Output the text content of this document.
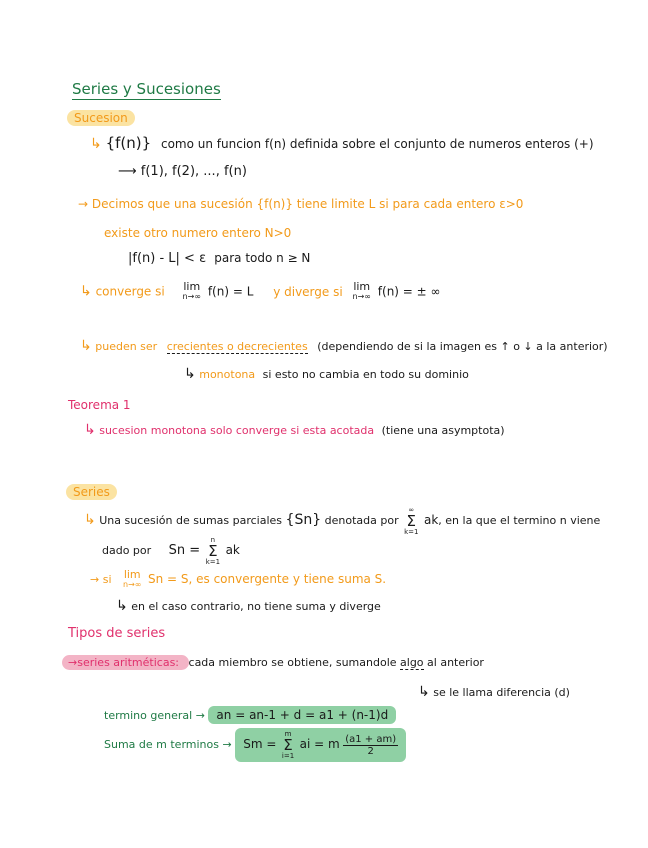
Series y Sucesiones
Sucesion
↳ {f(n)} como un funcion f(n) definida sobre el conjunto de numeros enteros (+)
⟶ f(1), f(2), ..., f(n)
→ Decimos que una sucesión {f(n)} tiene limite L si para cada entero ε>0
existe otro numero entero N>0
|f(n) - L| < ε para todo n ≥ N
↳ converge si lim
n→∞ f(n) = L y diverge si lim
n→∞ f(n) = ± ∞
↳ pueden ser crecientes o decrecientes (dependiendo de si la imagen es ↑ o ↓ a la anterior)
↳ monotona si esto no cambia en todo su dominio
Teorema 1
↳ sucesion monotona solo converge si esta acotada (tiene una asymptota)
Series
↳ Una sucesión de sumas parciales {Sn} denotada por
∞
Σ
k=1
ak, en la que el termino n viene
dado por Sn =
n
Σ
k=1
ak
→ si lim
n→∞ Sn = S, es convergente y tiene suma S.
↳ en el caso contrario, no tiene suma y diverge
Tipos de series
→series aritméticas: cada miembro se obtiene, sumandole algo al anterior
↳ se le llama diferencia (d)
termino general → an = an-1 + d = a1 + (n-1)d
Suma de m terminos → Sm =
m
Σ
i=1
ai = m $\frac{(a1 + am)}{2}$
